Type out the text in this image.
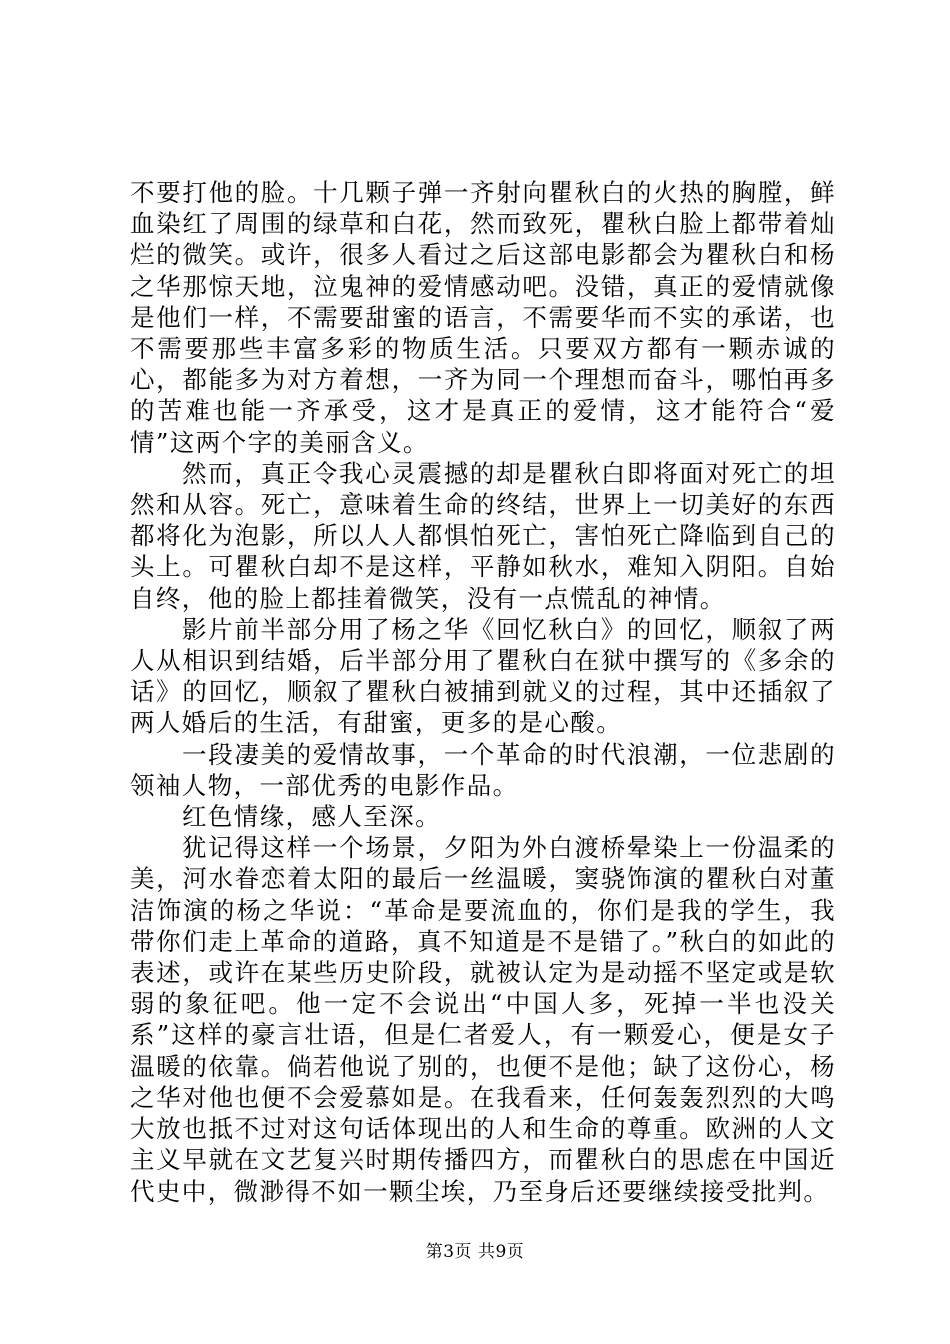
不要打他的脸。十几颗子弹一齐射向瞿秋白的火热的胸膛，鲜血染红了周围的绿草和白花，然而致死，瞿秋白脸上都带着灿烂的微笑。或许，很多人看过之后这部电影都会为瞿秋白和杨之华那惊天地，泣鬼神的爱情感动吧。没错，真正的爱情就像是他们一样，不需要甜蜜的语言，不需要华而不实的承诺，也不需要那些丰富多彩的物质生活。只要双方都有一颗赤诚的心，都能多为对方着想，一齐为同一个理想而奋斗，哪怕再多的苦难也能一齐承受，这才是真正的爱情，这才能符合“爱情”这两个字的美丽含义。

然而，真正令我心灵震撼的却是瞿秋白即将面对死亡的坦然和从容。死亡，意味着生命的终结，世界上一切美好的东西都将化为泡影，所以人人都惧怕死亡，害怕死亡降临到自己的头上。可瞿秋白却不是这样，平静如秋水，难知入阴阳。自始自终，他的脸上都挂着微笑，没有一点慌乱的神情。

影片前半部分用了杨之华《回忆秋白》的回忆，顺叙了两人从相识到结婚，后半部分用了瞿秋白在狱中撰写的《多余的话》的回忆，顺叙了瞿秋白被捕到就义的过程，其中还插叙了两人婚后的生活，有甜蜜，更多的是心酸。

一段凄美的爱情故事，一个革命的时代浪潮，一位悲剧的领袖人物，一部优秀的电影作品。

红色情缘，感人至深。

犹记得这样一个场景，夕阳为外白渡桥晕染上一份温柔的美，河水眷恋着太阳的最后一丝温暖，窦骁饰演的瞿秋白对董洁饰演的杨之华说：“革命是要流血的，你们是我的学生，我带你们走上革命的道路，真不知道是不是错了。”秋白的如此的表述，或许在某些历史阶段，就被认定为是动摇不坚定或是软弱的象征吧。他一定不会说出“中国人多，死掉一半也没关系”这样的豪言壮语，但是仁者爱人，有一颗爱心，便是女子温暖的依靠。倘若他说了别的，也便不是他；缺了这份心，杨之华对他也便不会爱慕如是。在我看来，任何轰轰烈烈的大鸣大放也抵不过对这句话体现出的人和生命的尊重。欧洲的人文主义早就在文艺复兴时期传播四方，而瞿秋白的思虑在中国近代史中，微渺得不如一颗尘埃，乃至身后还要继续接受批判。

第3页 共9页
